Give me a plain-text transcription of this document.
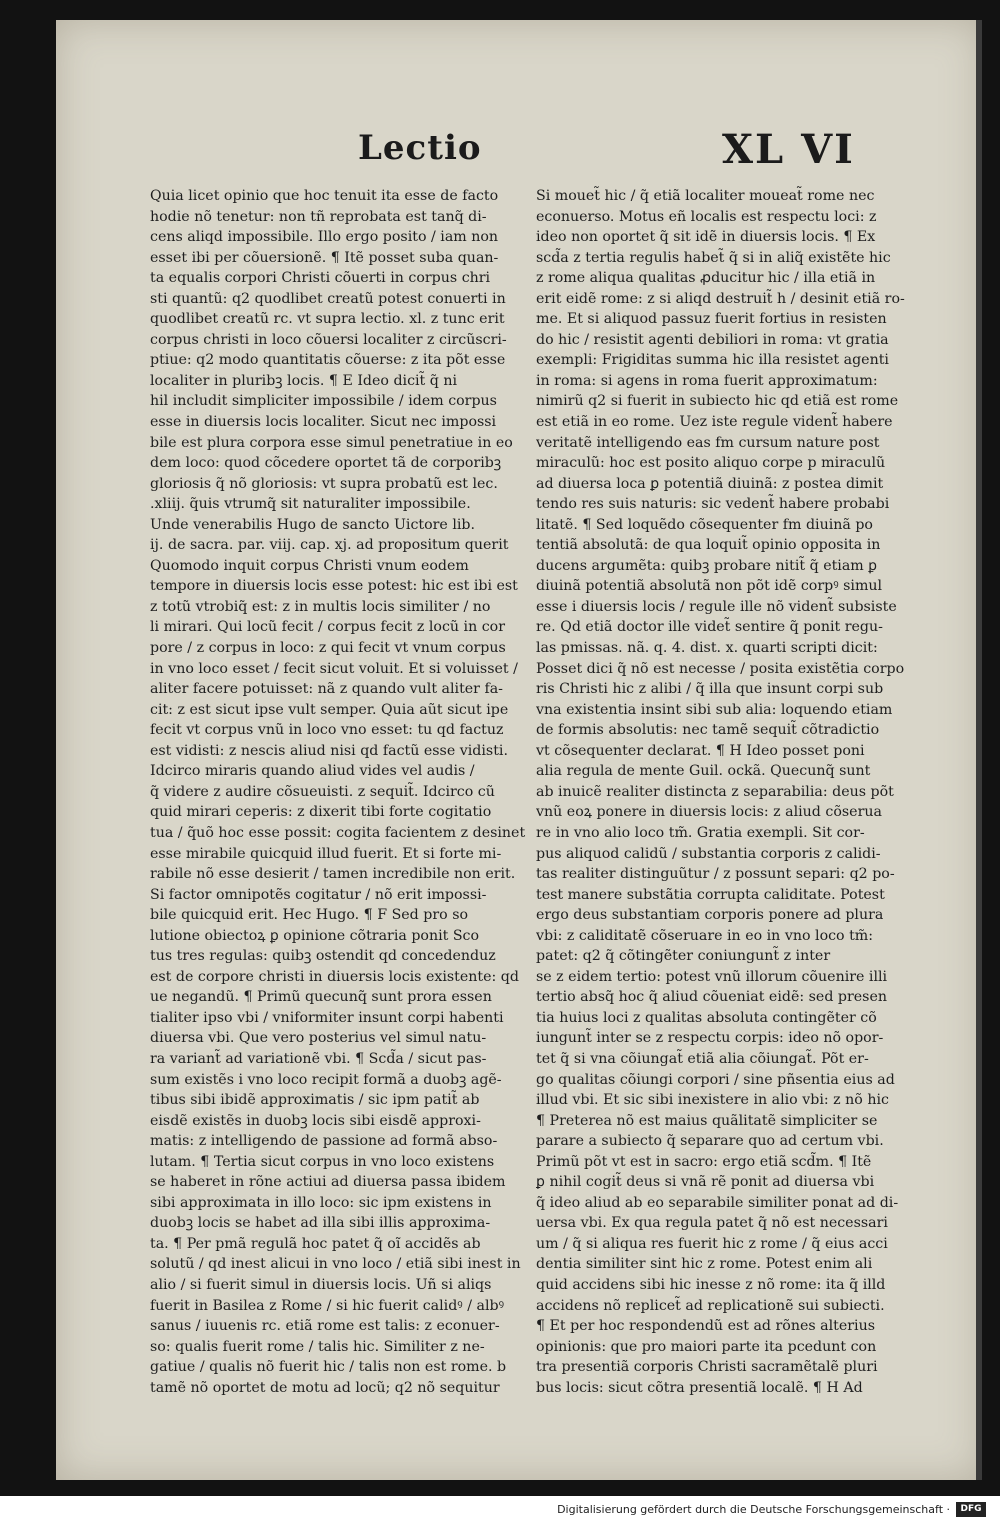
Lectio	XL VI
Quia licet opinio que hoc tenuit ita esse de facto
hodie nõ tenetur: non tñ reprobata est tanq̃ di-
cens aliqd impossibile. Illo ergo posito / iam non
esset ibi per cõuersionẽ. ¶ Itẽ posset suba quan-
ta equalis corpori Christi cõuerti in corpus chri
sti quantũ: q2 quodlibet creatũ potest conuerti in
quodlibet creatũ rc. vt supra lectio. xl. z tunc erit
corpus christi in loco cõuersi localiter z circũscri-
ptiue: q2 modo quantitatis cõuerse: z ita põt esse
localiter in pluribꝫ locis. ¶ E Ideo dicit̃ q̃ ni
hil includit simpliciter impossibile / idem corpus
esse in diuersis locis localiter. Sicut nec impossi
bile est plura corpora esse simul penetratiue in eo
dem loco: quod cõcedere oportet tã de corporibꝫ
gloriosis q̃ nõ gloriosis: vt supra probatũ est lec.
.xliij. q̃uis vtrumq̃ sit naturaliter impossibile.
Unde venerabilis Hugo de sancto Uictore lib.
ij. de sacra. par. viij. cap. xj. ad propositum querit
Quomodo inquit corpus Christi vnum eodem
tempore in diuersis locis esse potest: hic est ibi est
z totũ vtrobiq̃ est: z in multis locis similiter / no
li mirari. Qui locũ fecit / corpus fecit z locũ in cor
pore / z corpus in loco: z qui fecit vt vnum corpus
in vno loco esset / fecit sicut voluit. Et si voluisset /
aliter facere potuisset: nã z quando vult aliter fa-
cit: z est sicut ipse vult semper. Quia aũt sicut ipe
fecit vt corpus vnũ in loco vno esset: tu qd factuz
est vidisti: z nescis aliud nisi qd factũ esse vidisti.
Idcirco miraris quando aliud vides vel audis /
q̃ videre z audire cõsueuisti. z sequit̃. Idcirco cũ
quid mirari ceperis: z dixerit tibi forte cogitatio
tua / q̃uõ hoc esse possit: cogita facientem z desinet
esse mirabile quicquid illud fuerit. Et si forte mi-
rabile nõ esse desierit / tamen incredibile non erit.
Si factor omnipotẽs cogitatur / nõ erit impossi-
bile quicquid erit. Hec Hugo. ¶ F Sed pro so
lutione obiectoꝝ ꝑ opinione cõtraria ponit Sco
tus tres regulas: quibꝫ ostendit qd concedenduz
est de corpore christi in diuersis locis existente: qd
ue negandũ. ¶ Primũ quecunq̃ sunt prora essen
tialiter ipso vbi / vniformiter insunt corpi habenti
diuersa vbi. Que vero posterius vel simul natu-
ra variant̃ ad variationẽ vbi. ¶ Scd̃a / sicut pas-
sum existẽs i vno loco recipit formã a duobꝫ agẽ-
tibus sibi ibidẽ approximatis / sic ipm patit̃ ab
eisdẽ existẽs in duobꝫ locis sibi eisdẽ approxi-
matis: z intelligendo de passione ad formã abso-
lutam. ¶ Tertia sicut corpus in vno loco existens
se haberet in rõne actiui ad diuersa passa ibidem
sibi approximata in illo loco: sic ipm existens in
duobꝫ locis se habet ad illa sibi illis approxima-
ta. ¶ Per pmã regulã hoc patet q̃ oĩ accidẽs ab
solutũ / qd inest alicui in vno loco / etiã sibi inest in
alio / si fuerit simul in diuersis locis. Uñ si aliqs
fuerit in Basilea z Rome / si hic fuerit calidꝰ / albꝰ
sanus / iuuenis rc. etiã rome est talis: z econuer-
so: qualis fuerit rome / talis hic. Similiter z ne-
gatiue / qualis nõ fuerit hic / talis non est rome. b
tamẽ nõ oportet de motu ad locũ; q2 nõ sequitur
Si mouet̃ hic / q̃ etiã localiter moueat̃ rome nec
econuerso. Motus eñ localis est respectu loci: z
ideo non oportet q̃ sit idẽ in diuersis locis. ¶ Ex
scd̃a z tertia regulis habet̃ q̃ si in aliq̃ existẽte hic
z rome aliqua qualitas ꝓducitur hic / illa etiã in
erit eidẽ rome: z si aliqd destruit̃ h / desinit etiã ro-
me. Et si aliquod passuz fuerit fortius in resisten
do hic / resistit agenti debiliori in roma: vt gratia
exempli: Frigiditas summa hic illa resistet agenti
in roma: si agens in roma fuerit approximatum:
nimirũ q2 si fuerit in subiecto hic qd etiã est rome
est etiã in eo rome. Uez iste regule vident̃ habere
veritatẽ intelligendo eas fm cursum nature post
miraculũ: hoc est posito aliquo corpe p miraculũ
ad diuersa loca ꝑ potentiã diuinã: z postea dimit
tendo res suis naturis: sic vedent̃ habere probabi
litatẽ. ¶ Sed loquẽdo cõsequenter fm diuinã po
tentiã absolutã: de qua loquit̃ opinio opposita in
ducens argumẽta: quibꝫ probare nitit̃ q̃ etiam ꝑ
diuinã potentiã absolutã non põt idẽ corpꝰ simul
esse i diuersis locis / regule ille nõ vident̃ subsiste
re. Qd etiã doctor ille videt̃ sentire q̃ ponit regu-
las pmissas. nã. q. 4. dist. x. quarti scripti dicit:
Posset dici q̃ nõ est necesse / posita existẽtia corpo
ris Christi hic z alibi / q̃ illa que insunt corpi sub
vna existentia insint sibi sub alia: loquendo etiam
de formis absolutis: nec tamẽ sequit̃ cõtradictio
vt cõsequenter declarat. ¶ H Ideo posset poni
alia regula de mente Guil. ockã. Quecunq̃ sunt
ab inuicẽ realiter distincta z separabilia: deus põt
vnũ eoꝝ ponere in diuersis locis: z aliud cõserua
re in vno alio loco tm̃. Gratia exempli. Sit cor-
pus aliquod calidũ / substantia corporis z calidi-
tas realiter distinguũtur / z possunt separi: q2 po-
test manere substãtia corrupta caliditate. Potest
ergo deus substantiam corporis ponere ad plura
vbi: z caliditatẽ cõseruare in eo in vno loco tm̃:
patet: q2 q̃ cõtingẽter coniungunt̃ z inter
se z eidem tertio: potest vnũ illorum cõuenire illi
tertio absq̃ hoc q̃ aliud cõueniat eidẽ: sed presen
tia huius loci z qualitas absoluta contingẽter cõ
iungunt̃ inter se z respectu corpis: ideo nõ opor-
tet q̃ si vna cõiungat̃ etiã alia cõiungat̃. Põt er-
go qualitas cõiungi corpori / sine pñsentia eius ad
illud vbi. Et sic sibi inexistere in alio vbi: z nõ hic
¶ Preterea nõ est maius quãlitatẽ simpliciter se
parare a subiecto q̃ separare quo ad certum vbi.
Primũ põt vt est in sacro: ergo etiã scd̃m. ¶ Itẽ
ꝑ nihil cogit̃ deus si vnã rẽ ponit ad diuersa vbi
q̃ ideo aliud ab eo separabile similiter ponat ad di-
uersa vbi. Ex qua regula patet q̃ nõ est necessari
um / q̃ si aliqua res fuerit hic z rome / q̃ eius acci
dentia similiter sint hic z rome. Potest enim ali
quid accidens sibi hic inesse z nõ rome: ita q̃ illd
accidens nõ replicet̃ ad replicationẽ sui subiecti.
¶ Et per hoc respondendũ est ad rõnes alterius
opinionis: que pro maiori parte ita pcedunt con
tra presentiã corporis Christi sacramẽtalẽ pluri
bus locis: sicut cõtra presentiã localẽ. ¶ H Ad
Digitalisierung gefördert durch die Deutsche Forschungsgemeinschaft ·	DFG
